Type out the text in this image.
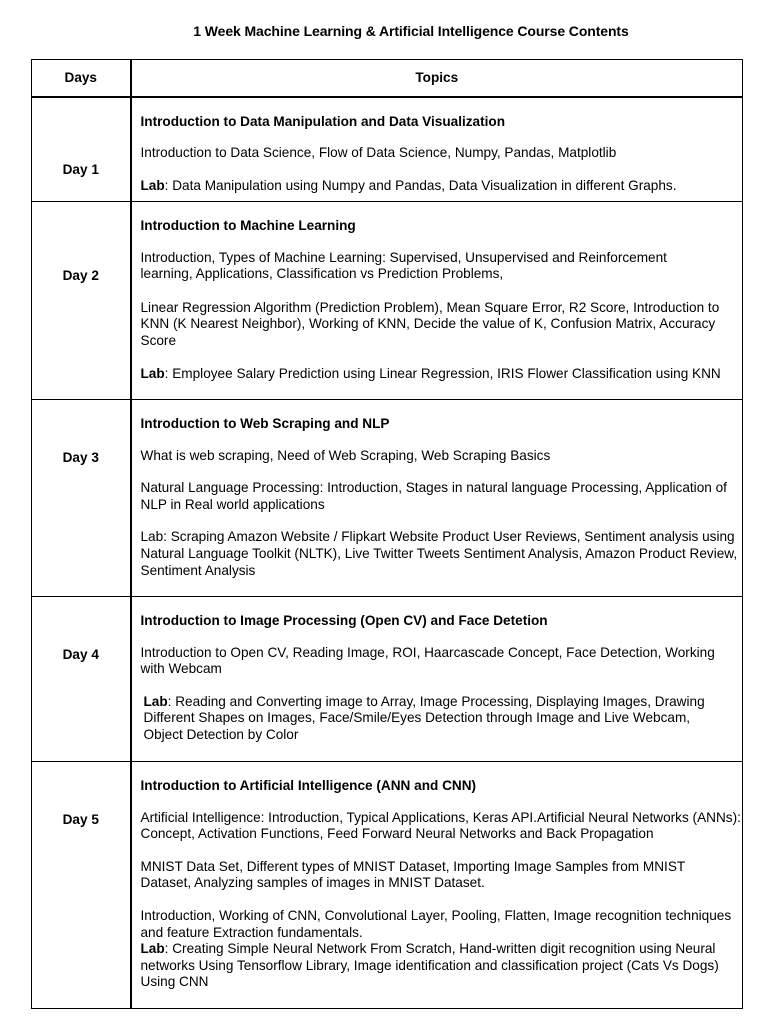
1 Week Machine Learning & Artificial Intelligence Course Contents
Days	Topics

Day 1	Introduction to Data Manipulation and Data Visualization
Introduction to Data Science, Flow of Data Science, Numpy, Pandas, Matplotlib
Lab: Data Manipulation using Numpy and Pandas, Data Visualization in different Graphs.

Day 2	Introduction to Machine Learning
Introduction, Types of Machine Learning: Supervised, Unsupervised and Reinforcement learning, Applications, Classification vs Prediction Problems,
Linear Regression Algorithm (Prediction Problem), Mean Square Error, R2 Score, Introduction to KNN (K Nearest Neighbor), Working of KNN, Decide the value of K, Confusion Matrix, Accuracy Score
Lab: Employee Salary Prediction using Linear Regression, IRIS Flower Classification using KNN

Day 3	Introduction to Web Scraping and NLP
What is web scraping, Need of Web Scraping, Web Scraping Basics
Natural Language Processing: Introduction, Stages in natural language Processing, Application of NLP in Real world applications
Lab: Scraping Amazon Website / Flipkart Website Product User Reviews, Sentiment analysis using Natural Language Toolkit (NLTK), Live Twitter Tweets Sentiment Analysis, Amazon Product Review, Sentiment Analysis

Day 4	Introduction to Image Processing (Open CV) and Face Detetion
Introduction to Open CV, Reading Image, ROI, Haarcascade Concept, Face Detection, Working with Webcam
Lab: Reading and Converting image to Array, Image Processing, Displaying Images, Drawing Different Shapes on Images, Face/Smile/Eyes Detection through Image and Live Webcam, Object Detection by Color

Day 5	Introduction to Artificial Intelligence (ANN and CNN)
Artificial Intelligence: Introduction, Typical Applications, Keras API.Artificial Neural Networks (ANNs): Concept, Activation Functions, Feed Forward Neural Networks and Back Propagation
MNIST Data Set, Different types of MNIST Dataset, Importing Image Samples from MNIST Dataset, Analyzing samples of images in MNIST Dataset.
Introduction, Working of CNN, Convolutional Layer, Pooling, Flatten, Image recognition techniques and feature Extraction fundamentals.
Lab: Creating Simple Neural Network From Scratch, Hand-written digit recognition using Neural networks Using Tensorflow Library, Image identification and classification project (Cats Vs Dogs) Using CNN
